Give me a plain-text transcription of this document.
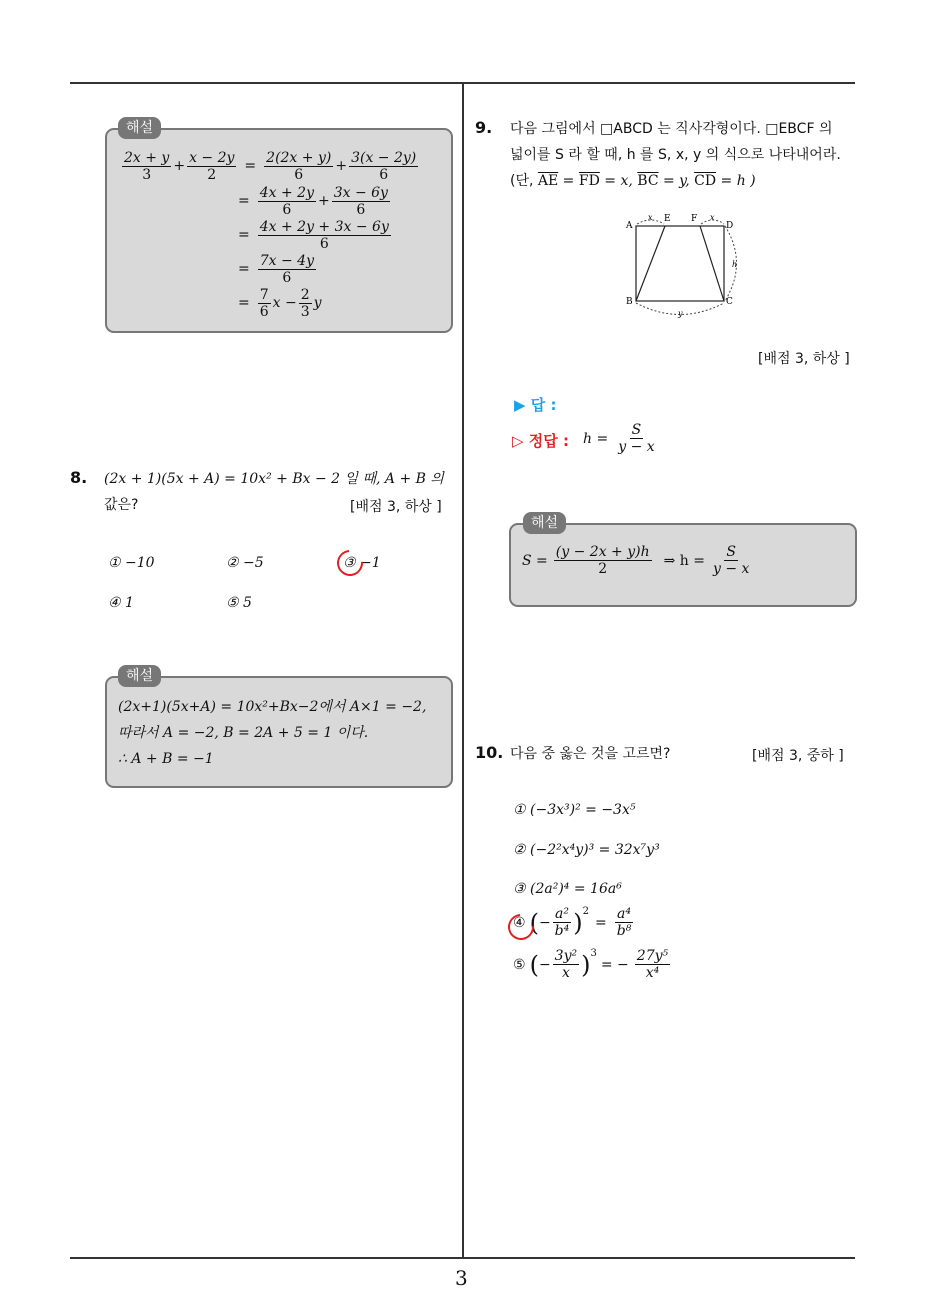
3
해설
$\frac{2x + y}{3} + \frac{x - 2y}{2} = \frac{2(2x + y)}{6} + \frac{3(x - 2y)}{6}$
= $\frac{4x + 2y}{6} + \frac{3x - 6y}{6}$
= $\frac{4x + 2y + 3x - 6y}{6}$
= $\frac{7x - 4y}{6}$
= $\frac{7}{6}$ $x - \frac{2}{3}$ y
8. (2x + 1)(5x + A) = 10x² + Bx − 2 일 때, A + B 의
값은?	[배점 3, 하상 ]
① −10	② −5	③ −1
④ 1	⑤ 5
해설
(2x+1)(5x+A) = 10x²+Bx−2에서 A×1 = −2,
따라서 A = −2, B = 2A + 5 = 1 이다.
∴ A + B = −1
9. 다음 그림에서 □ABCD 는 직사각형이다. □EBCF 의
넓이를 S 라 할 때, h 를 S, x, y 의 식으로 나타내어라.
(단, $\overline{AE} = \overline{FD} = x$, $\overline{BC} = y$, $\overline{CD} = h$ )
A
E F
D
B	C
x	x
y
h
[배점 3, 하상 ]
▶ 답 :
▷ 정답 : $h = \frac{S}{y - x}$
해설
$S = \frac{(y - 2x + y)h}{2}$ ⇒ $h = \frac{S}{y - x}$
10. 다음 중 옳은 것을 고르면?	[배점 3, 중하 ]
① (−3x³)² = −3x⁵
② (−2²x⁴y)³ = 32x⁷y³
③ (2a²)⁴ = 16a⁶
④ ( − $\frac{\text{a²}}{\text{b⁴}} )^2$
= $\frac{\text{a⁴}}{\text{b⁸}}$
⑤ ( − $\frac{\text{3y²}}{x} )^3$
= − $\frac{\text{27y⁵}}{\text{x⁴}}$
